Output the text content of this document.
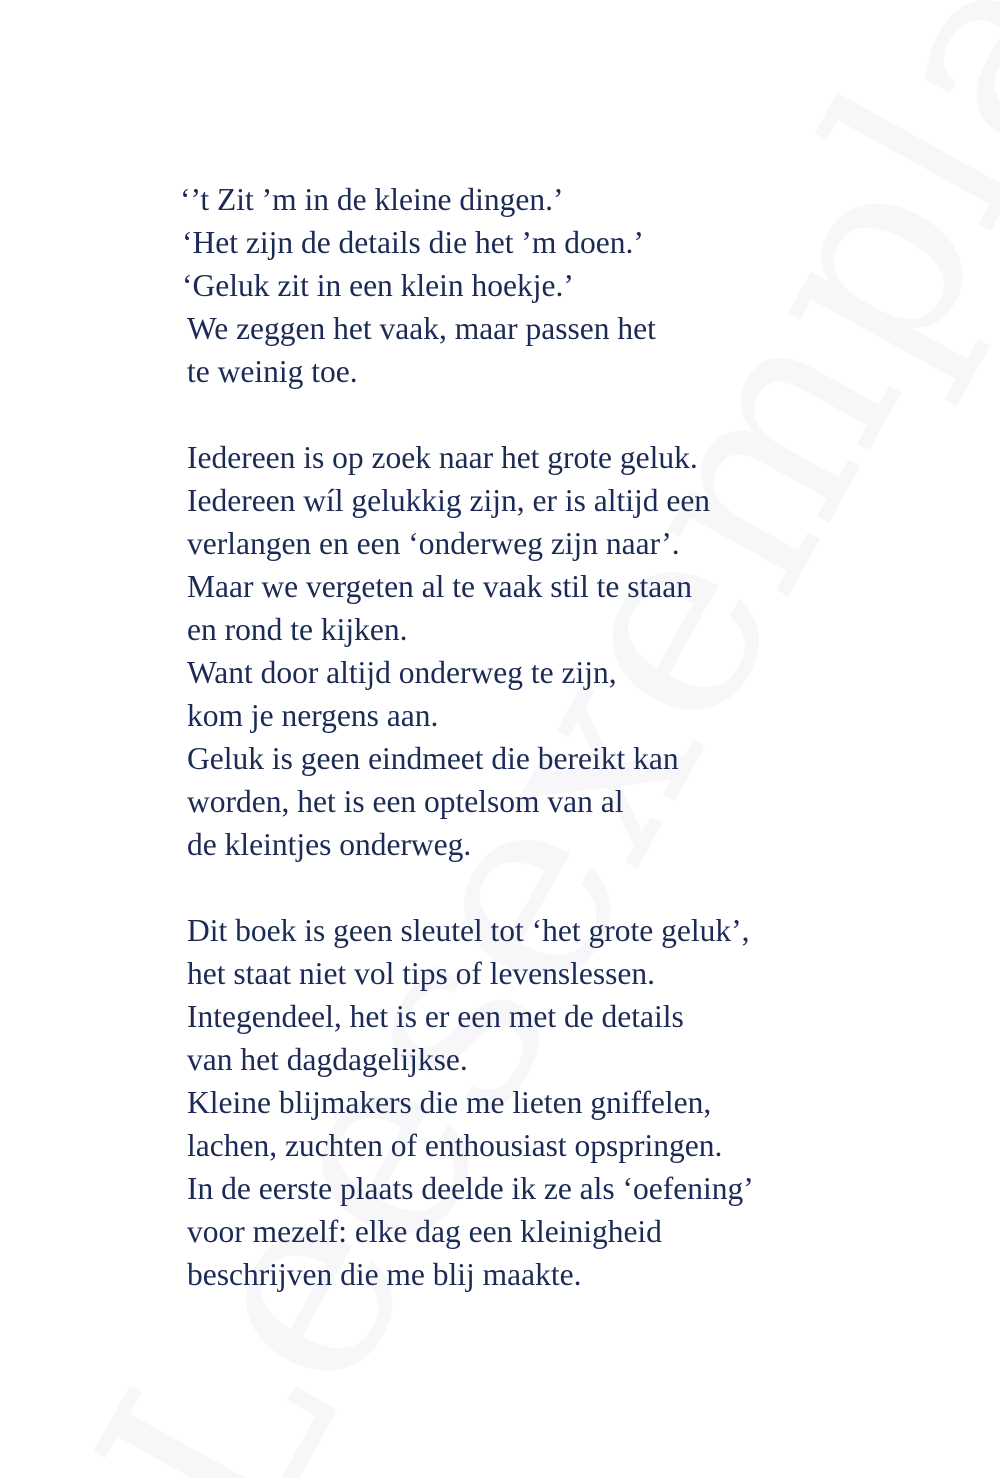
‘’t Zit ’m in de kleine dingen.’
‘Het zijn de details die het ’m doen.’
‘Geluk zit in een klein hoekje.’
We zeggen het vaak, maar passen het
te weinig toe.

Iedereen is op zoek naar het grote geluk.
Iedereen wíl gelukkig zijn, er is altijd een
verlangen en een ‘onderweg zijn naar’.
Maar we vergeten al te vaak stil te staan
en rond te kijken.
Want door altijd onderweg te zijn,
kom je nergens aan.
Geluk is geen eindmeet die bereikt kan
worden, het is een optelsom van al
de kleintjes onderweg.

Dit boek is geen sleutel tot ‘het grote geluk’,
het staat niet vol tips of levenslessen.
Integendeel, het is er een met de details
van het dagdagelijkse.
Kleine blijmakers die me lieten gniffelen,
lachen, zuchten of enthousiast opspringen.
In de eerste plaats deelde ik ze als ‘oefening’
voor mezelf: elke dag een kleinigheid
beschrijven die me blij maakte.
